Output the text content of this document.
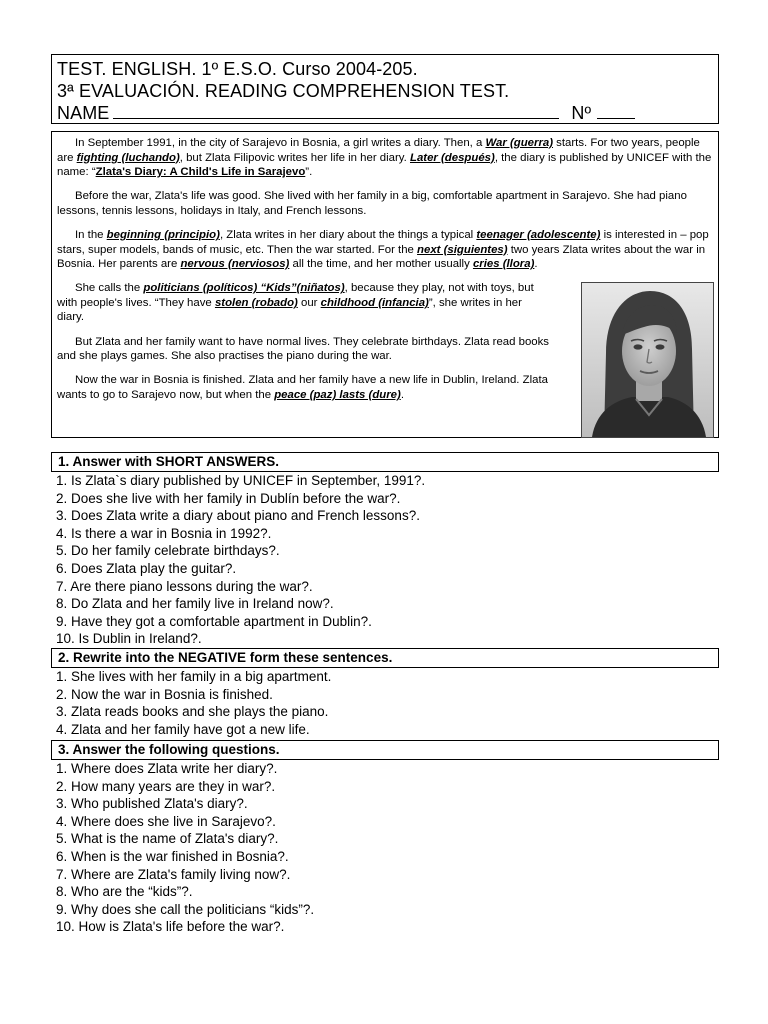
TEST. ENGLISH. 1º E.S.O. Curso 2004-205.
3ª EVALUACIÓN. READING COMPREHENSION TEST.
NAME	Nº

In September 1991, in the city of Sarajevo in Bosnia, a girl writes a diary. Then, a War (guerra) starts. For two years, people are fighting (luchando), but Zlata Filipovic writes her life in her diary. Later (después), the diary is published by UNICEF with the name: “Zlata's Diary: A Child's Life in Sarajevo”.

Before the war, Zlata's life was good. She lived with her family in a big, comfortable apartment in Sarajevo. She had piano lessons, tennis lessons, holidays in Italy, and French lessons.

In the beginning (principio), Zlata writes in her diary about the things a typical teenager (adolescente) is interested in – pop stars, super models, bands of music, etc. Then the war started. For the next (siguientes) two years Zlata writes about the war in Bosnia. Her parents are nervous (nerviosos) all the time, and her mother usually cries (llora).

She calls the politicians (políticos) “Kids”(niñatos), because they play, not with toys, but with people's lives. “They have stolen (robado) our childhood (infancia)”, she writes in her diary.

But Zlata and her family want to have normal lives. They celebrate birthdays. Zlata read books and she plays games. She also practises the piano during the war.

Now the war in Bosnia is finished. Zlata and her family have a new life in Dublin, Ireland. Zlata wants to go to Sarajevo now, but when the peace (paz) lasts (dure).

1. Answer with SHORT ANSWERS.
1. Is Zlata`s diary published by UNICEF in September, 1991?.
2. Does she live with her family in Dublín before the war?.
3. Does Zlata write a diary about piano and French lessons?.
4. Is there a war in Bosnia in 1992?.
5. Do her family celebrate birthdays?.
6. Does Zlata play the guitar?.
7. Are there piano lessons during the war?.
8. Do Zlata and her family live in Ireland now?.
9. Have they got a comfortable apartment in Dublin?.
10. Is Dublin in Ireland?.
2. Rewrite into the NEGATIVE form these sentences.
1. She lives with her family in a big apartment.
2. Now the war in Bosnia is finished.
3. Zlata reads books and she plays the piano.
4. Zlata and her family have got a new life.
3. Answer the following questions.
1. Where does Zlata write her diary?.
2. How many years are they in war?.
3. Who published Zlata's diary?.
4. Where does she live in Sarajevo?.
5. What is the name of Zlata's diary?.
6. When is the war finished in Bosnia?.
7. Where are Zlata's family living now?.
8. Who are the “kids”?.
9. Why does she call the politicians “kids”?.
10. How is Zlata's life before the war?.
